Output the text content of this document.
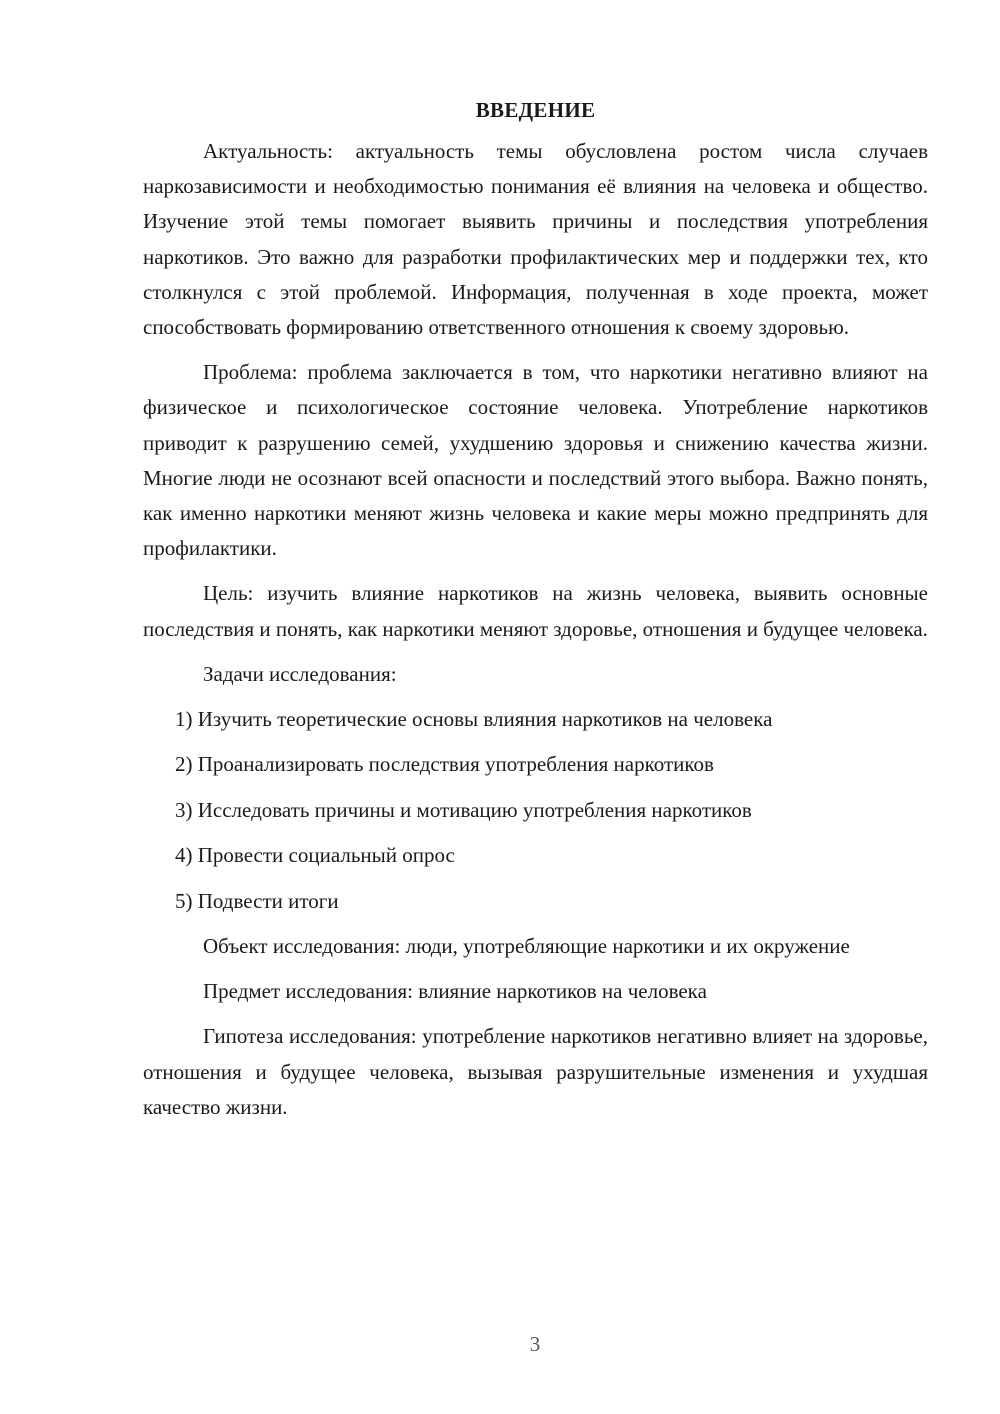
ВВЕДЕНИЕ

Актуальность: актуальность темы обусловлена ростом числа случаев наркозависимости и необходимостью понимания её влияния на человека и общество. Изучение этой темы помогает выявить причины и последствия употребления наркотиков. Это важно для разработки профилактических мер и поддержки тех, кто столкнулся с этой проблемой. Информация, полученная в ходе проекта, может способствовать формированию ответственного отношения к своему здоровью.

Проблема: проблема заключается в том, что наркотики негативно влияют на физическое и психологическое состояние человека. Употребление наркотиков приводит к разрушению семей, ухудшению здоровья и снижению качества жизни. Многие люди не осознают всей опасности и последствий этого выбора. Важно понять, как именно наркотики меняют жизнь человека и какие меры можно предпринять для профилактики.

Цель: изучить влияние наркотиков на жизнь человека, выявить основные последствия и понять, как наркотики меняют здоровье, отношения и будущее человека.

Задачи исследования:

1) Изучить теоретические основы влияния наркотиков на человека
2) Проанализировать последствия употребления наркотиков
3) Исследовать причины и мотивацию употребления наркотиков
4) Провести социальный опрос
5) Подвести итоги

Объект исследования: люди, употребляющие наркотики и их окружение

Предмет исследования: влияние наркотиков на человека

Гипотеза исследования: употребление наркотиков негативно влияет на здоровье, отношения и будущее человека, вызывая разрушительные изменения и ухудшая качество жизни.

3
